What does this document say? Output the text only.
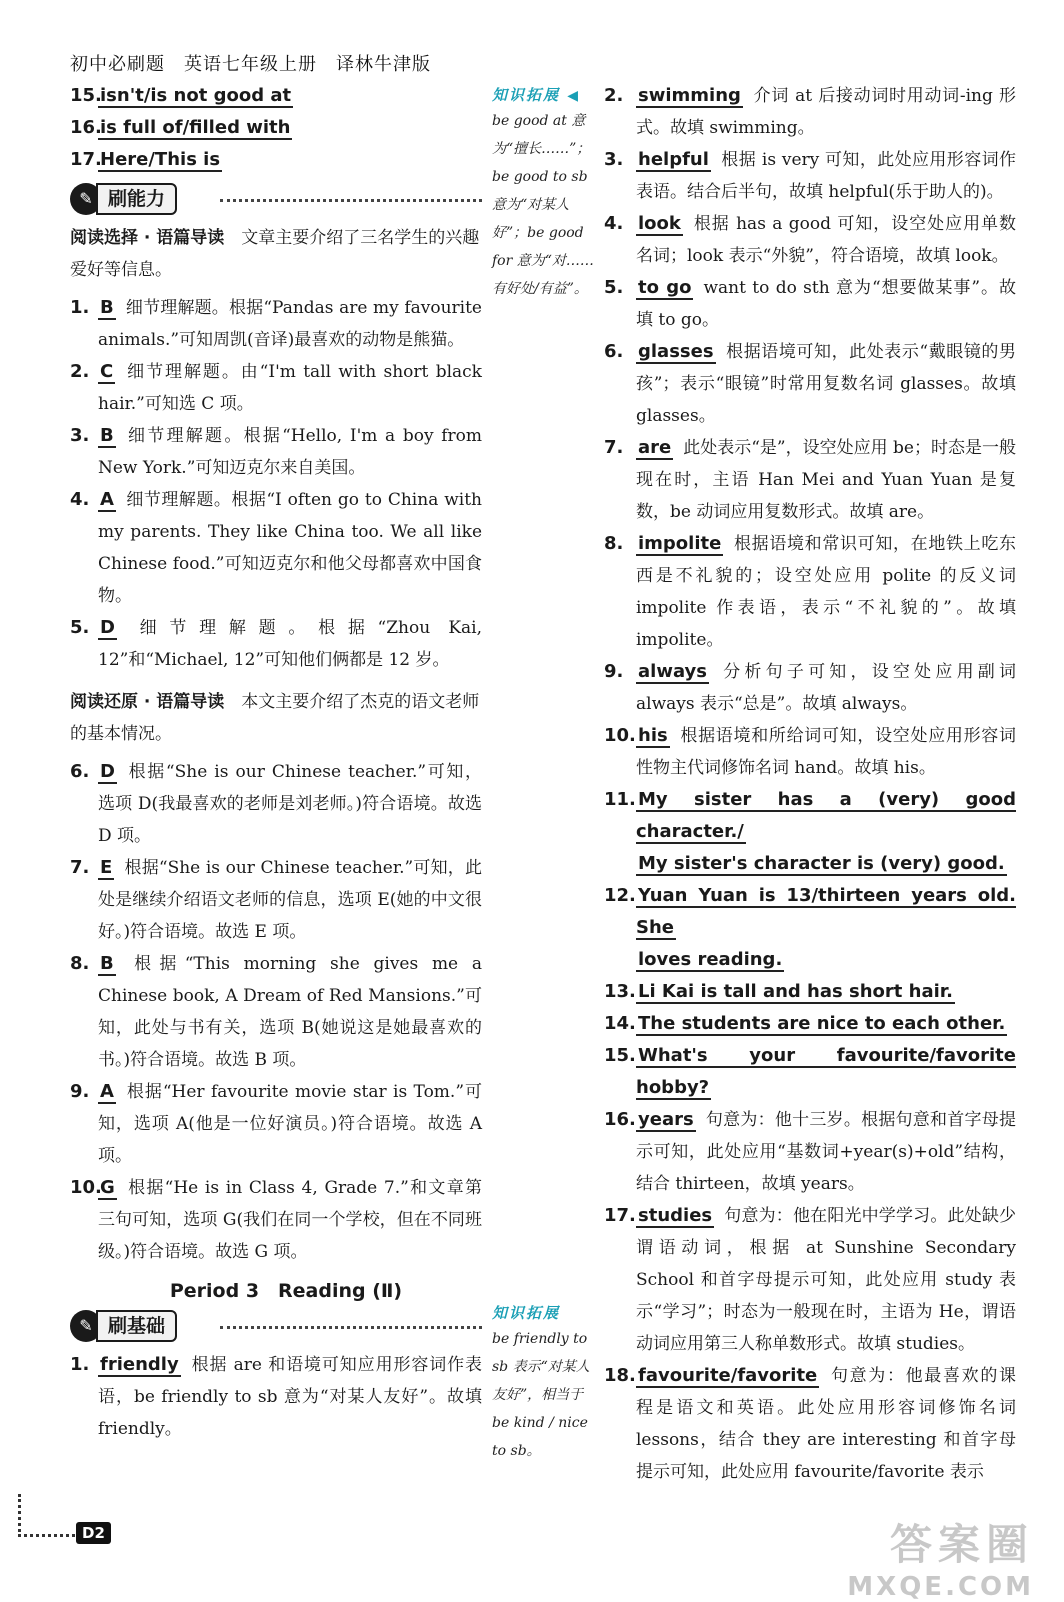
初中必刷题　英语七年级上册　译林牛津版
15.
isn't/is not good at
16.
is full of/filled with
17.
Here/This is
✎ 刷能力
阅读选择 · 语篇导读　 文章主要介绍了三名学生的兴趣爱好等信息。
1. B 细节理解题。根据“Pandas are my favourite animals.”可知周凯(音译)最喜欢的动物是熊猫。
2. C 细节理解题。由“I'm tall with short black hair.”可知选 C 项。
3. B 细节理解题。根据“Hello, I'm a boy from New York.”可知迈克尔来自美国。
4. A 细节理解题。根据“I often go to China with my parents. They like China too. We all like Chinese food.”可知迈克尔和他父母都喜欢中国食物。
5. D 细节理解题。根据“Zhou Kai, 12”和“Michael, 12”可知他们俩都是 12 岁。
阅读还原 · 语篇导读　 本文主要介绍了杰克的语文老师的基本情况。
6. D 根据“She is our Chinese teacher.”可知，选项 D(我最喜欢的老师是刘老师。)符合语境。故选 D 项。
7. E 根据“She is our Chinese teacher.”可知，此处是继续介绍语文老师的信息，选项 E(她的中文很好。)符合语境。故选 E 项。
8. B 根据“This morning she gives me a Chinese book, A Dream of Red Mansions.”可知，此处与书有关，选项 B(她说这是她最喜欢的书。)符合语境。故选 B 项。
9. A 根据“Her favourite movie star is Tom.”可知，选项 A(他是一位好演员。)符合语境。故选 A 项。
10.
G 根据“He is in Class 4, Grade 7.”和文章第三句可知，选项 G(我们在同一个学校，但在不同班级。)符合语境。故选 G 项。
Period 3　Reading (Ⅱ)
✎ 刷基础
1. friendly 根据 are 和语境可知应用形容词作表语，be friendly to sb 意为“对某人友好”。故填 friendly。
知识拓展 ◀
be good at 意为“擅长……”；be good to sb 意为“对某人好”；be good for 意为“对……有好处/有益”。
知识拓展
be friendly to sb 表示“对某人友好”，相当于 be kind / nice to sb。
2. swimming 介词 at 后接动词时用动词-ing 形式。故填 swimming。
3. helpful 根据 is very 可知，此处应用形容词作表语。结合后半句，故填 helpful(乐于助人的)。
4. look 根据 has a good 可知，设空处应用单数名词；look 表示“外貌”，符合语境，故填 look。
5. to go want to do sth 意为“想要做某事”。故填 to go。
6. glasses 根据语境可知，此处表示“戴眼镜的男孩”；表示“眼镜”时常用复数名词 glasses。故填 glasses。
7. are 此处表示“是”，设空处应用 be；时态是一般现在时，主语 Han Mei and Yuan Yuan 是复数，be 动词应用复数形式。故填 are。
8. impolite 根据语境和常识可知，在地铁上吃东西是不礼貌的；设空处应用 polite 的反义词 impolite 作表语，表示“不礼貌的”。故填 impolite。
9. always 分析句子可知，设空处应用副词 always 表示“总是”。故填 always。
10. his 根据语境和所给词可知，设空处应用形容词性物主代词修饰名词 hand。故填 his。
11. My sister has a (very) good character./
My sister's character is (very) good.
12. Yuan Yuan is 13/thirteen years old. She
loves reading.
13. Li Kai is tall and has short hair.
14. The students are nice to each other.
15. What's your favourite/favorite hobby?
16. years 句意为：他十三岁。根据句意和首字母提示可知，此处应用“基数词+year(s)+old”结构，结合 thirteen，故填 years。
17. studies 句意为：他在阳光中学学习。此处缺少谓语动词，根据 at Sunshine Secondary School 和首字母提示可知，此处应用 study 表示“学习”；时态为一般现在时，主语为 He，谓语动词应用第三人称单数形式。故填 studies。
18. favourite/favorite 句意为：他最喜欢的课程是语文和英语。此处应用形容词修饰名词 lessons，结合 they are interesting 和首字母提示可知，此处应用 favourite/favorite 表示
D2	答案圈
MXQE.COM
